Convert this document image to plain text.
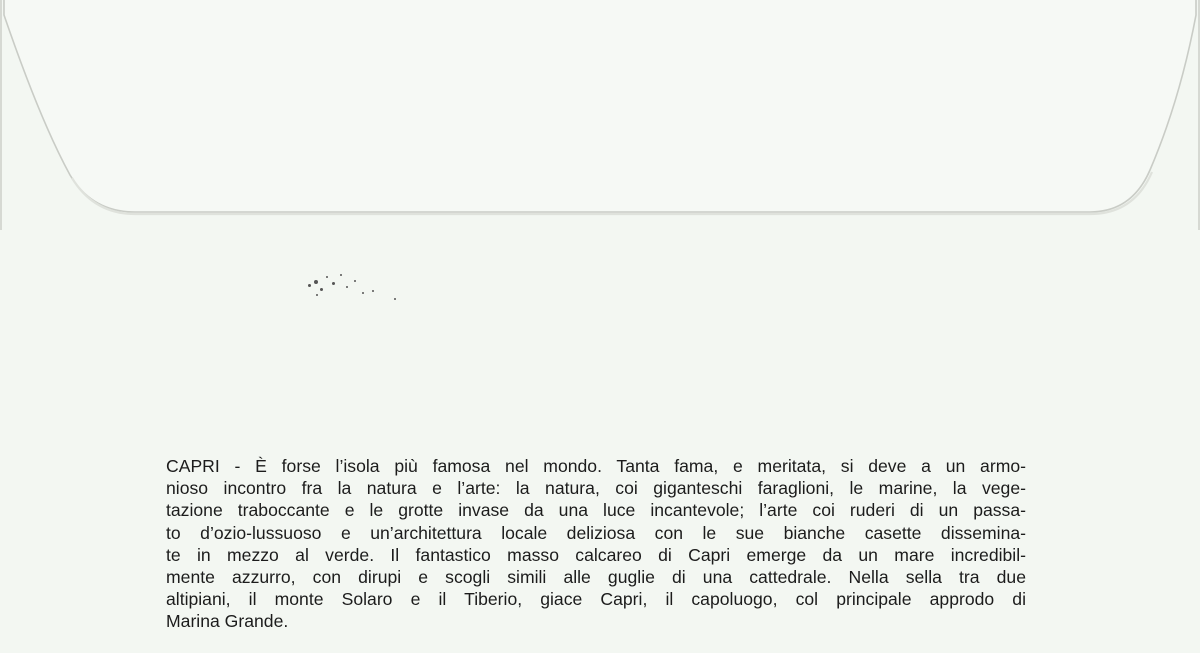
CAPRI - È forse l’isola più famosa nel mondo. Tanta fama, e meritata, si deve a un armo-
nioso incontro fra la natura e l’arte: la natura, coi giganteschi faraglioni, le marine, la vege-
tazione traboccante e le grotte invase da una luce incantevole; l’arte coi ruderi di un passa-
to d’ozio-lussuoso e un’architettura locale deliziosa con le sue bianche casette dissemina-
te in mezzo al verde. Il fantastico masso calcareo di Capri emerge da un mare incredibil-
mente azzurro, con dirupi e scogli simili alle guglie di una cattedrale. Nella sella tra due
altipiani, il monte Solaro e il Tiberio, giace Capri, il capoluogo, col principale approdo di
Marina Grande.
